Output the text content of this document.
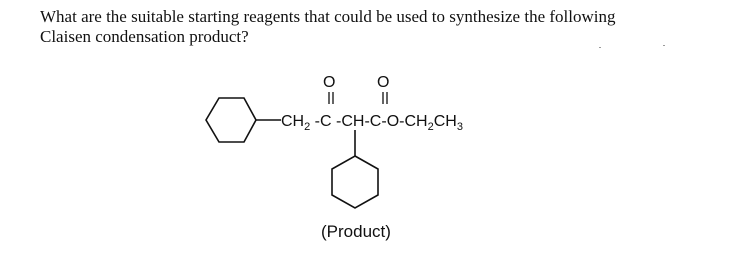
What are the suitable starting reagents that could be used to synthesize the following
Claisen condensation product?
O	O
$CH_2$ -C $-CH-C-O-CH_2CH_3$
(Product)
